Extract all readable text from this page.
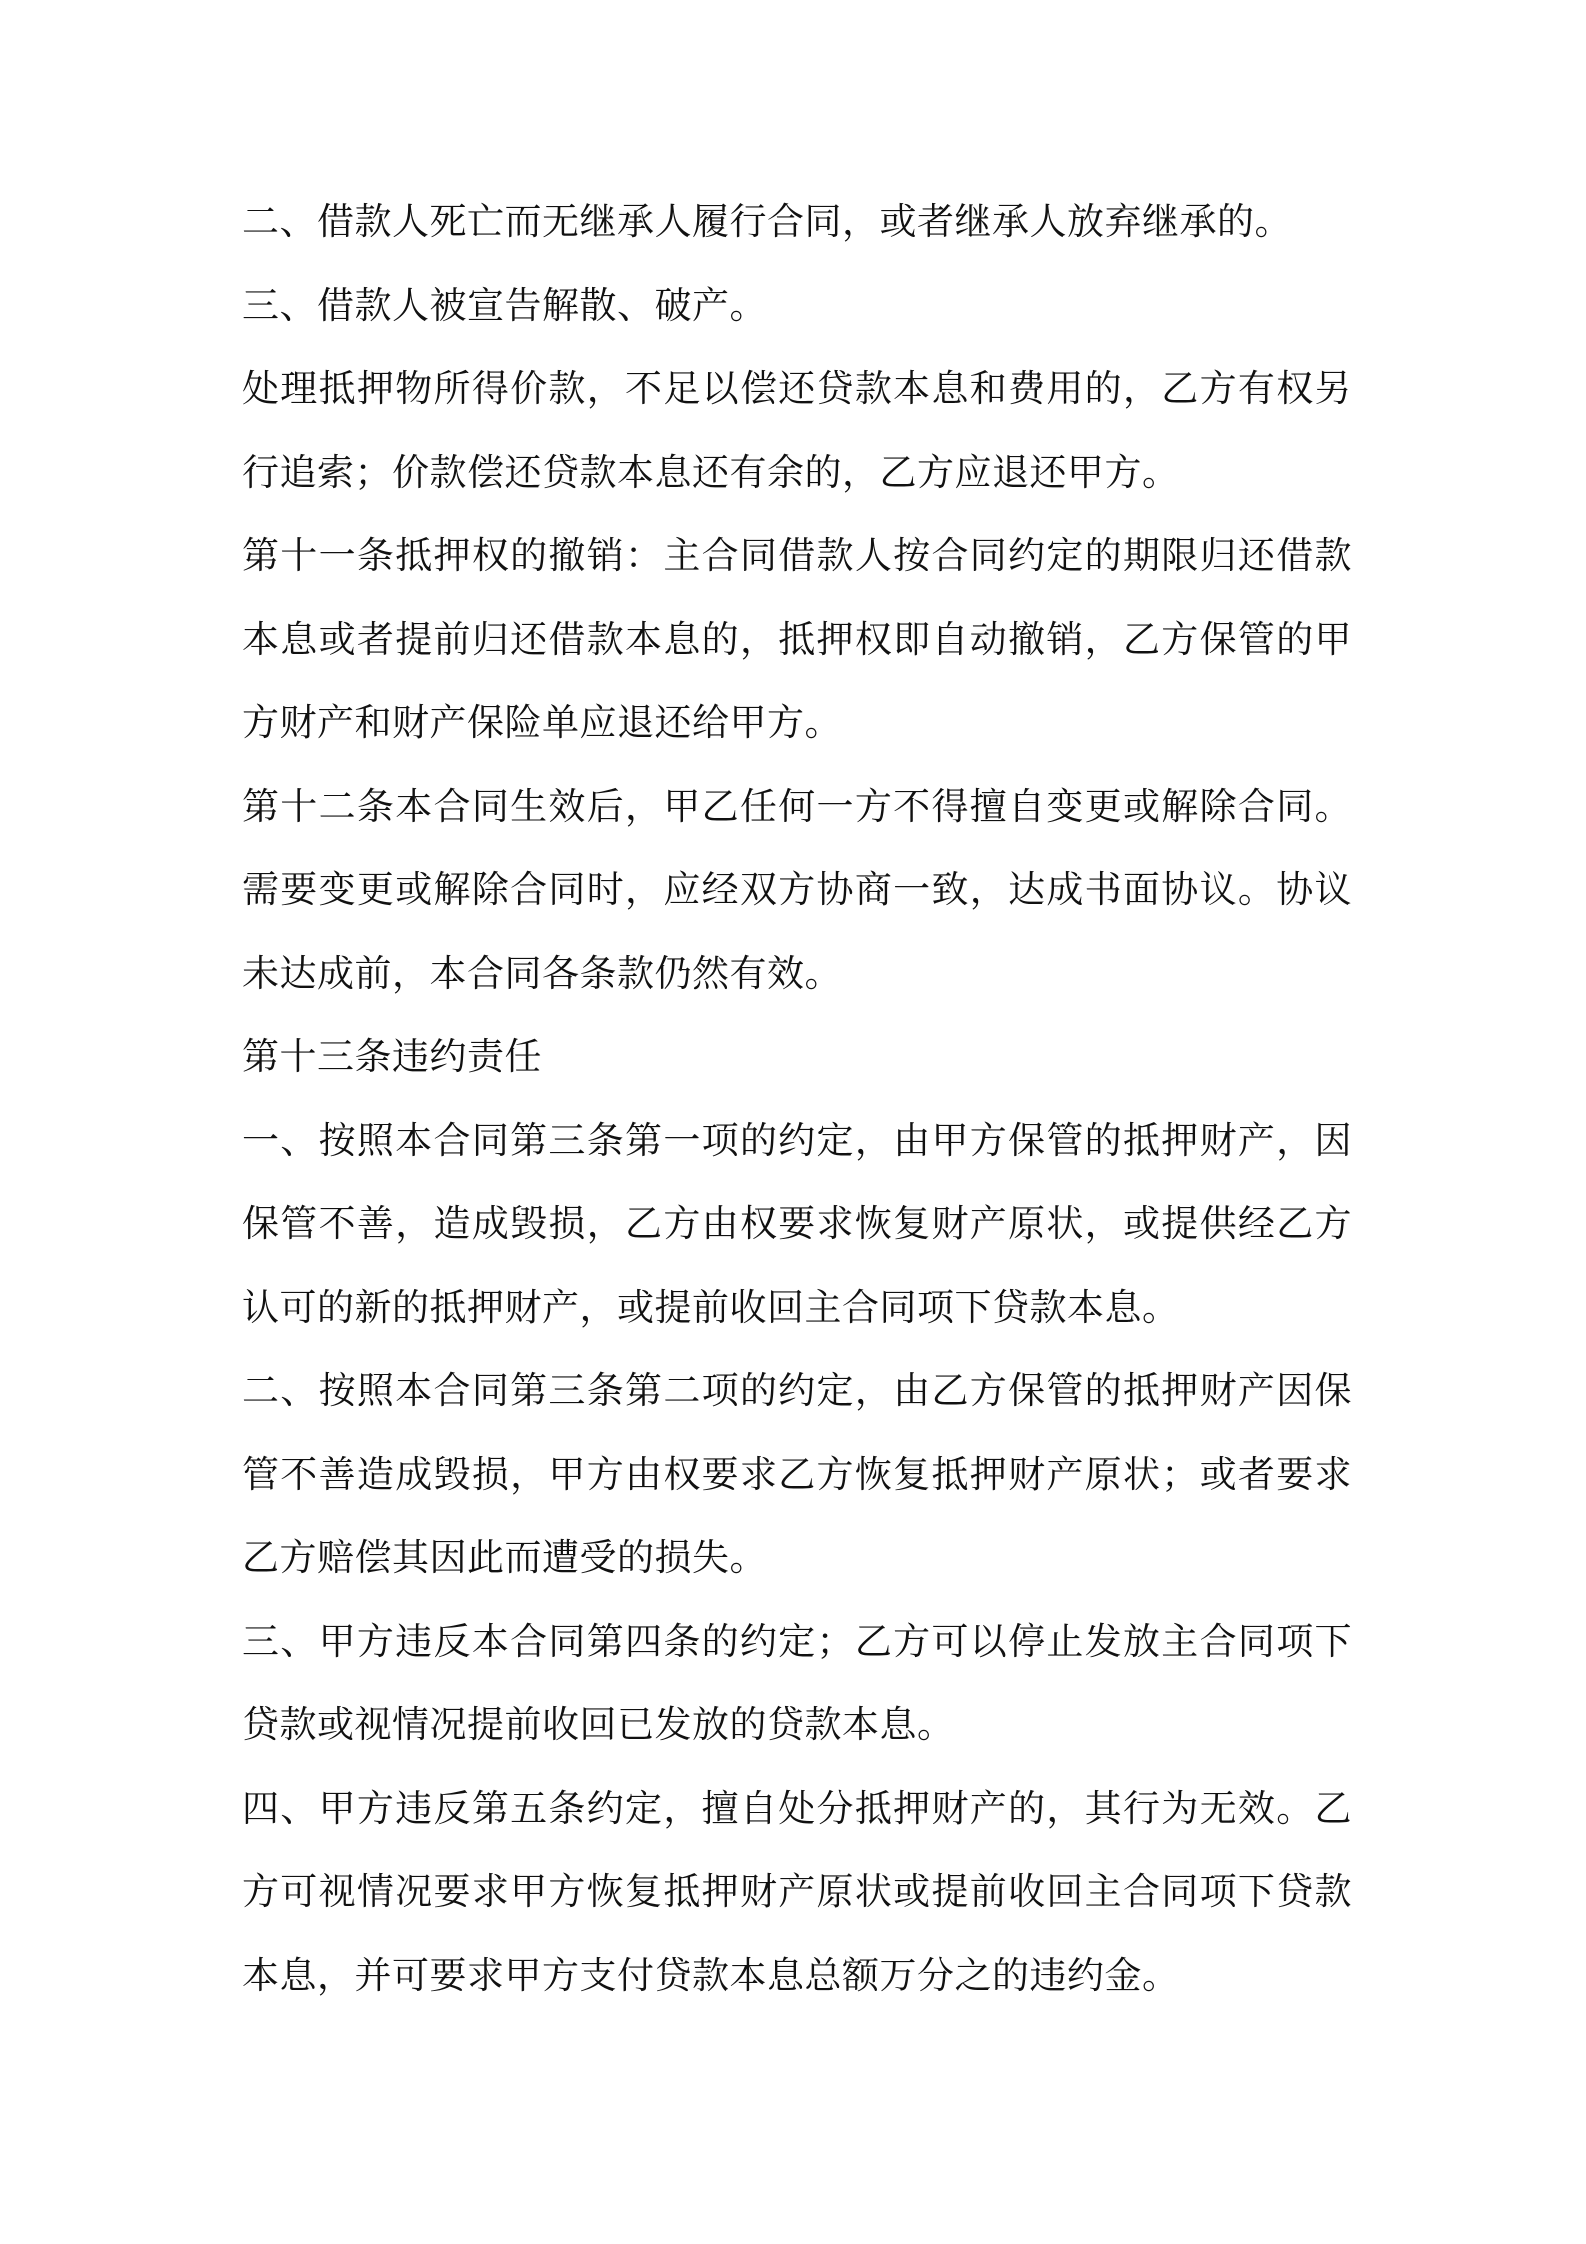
二、借款人死亡而无继承人履行合同，或者继承人放弃继承的。

三、借款人被宣告解散、破产。

处理抵押物所得价款，不足以偿还贷款本息和费用的，乙方有权另行追索；价款偿还贷款本息还有余的，乙方应退还甲方。

第十一条抵押权的撤销：主合同借款人按合同约定的期限归还借款本息或者提前归还借款本息的，抵押权即自动撤销，乙方保管的甲方财产和财产保险单应退还给甲方。

第十二条本合同生效后，甲乙任何一方不得擅自变更或解除合同。需要变更或解除合同时，应经双方协商一致，达成书面协议。协议未达成前，本合同各条款仍然有效。

第十三条违约责任

一、按照本合同第三条第一项的约定，由甲方保管的抵押财产，因保管不善，造成毁损，乙方由权要求恢复财产原状，或提供经乙方认可的新的抵押财产，或提前收回主合同项下贷款本息。

二、按照本合同第三条第二项的约定，由乙方保管的抵押财产因保管不善造成毁损，甲方由权要求乙方恢复抵押财产原状；或者要求乙方赔偿其因此而遭受的损失。

三、甲方违反本合同第四条的约定；乙方可以停止发放主合同项下贷款或视情况提前收回已发放的贷款本息。

四、甲方违反第五条约定，擅自处分抵押财产的，其行为无效。乙方可视情况要求甲方恢复抵押财产原状或提前收回主合同项下贷款本息，并可要求甲方支付贷款本息总额万分之的违约金。
